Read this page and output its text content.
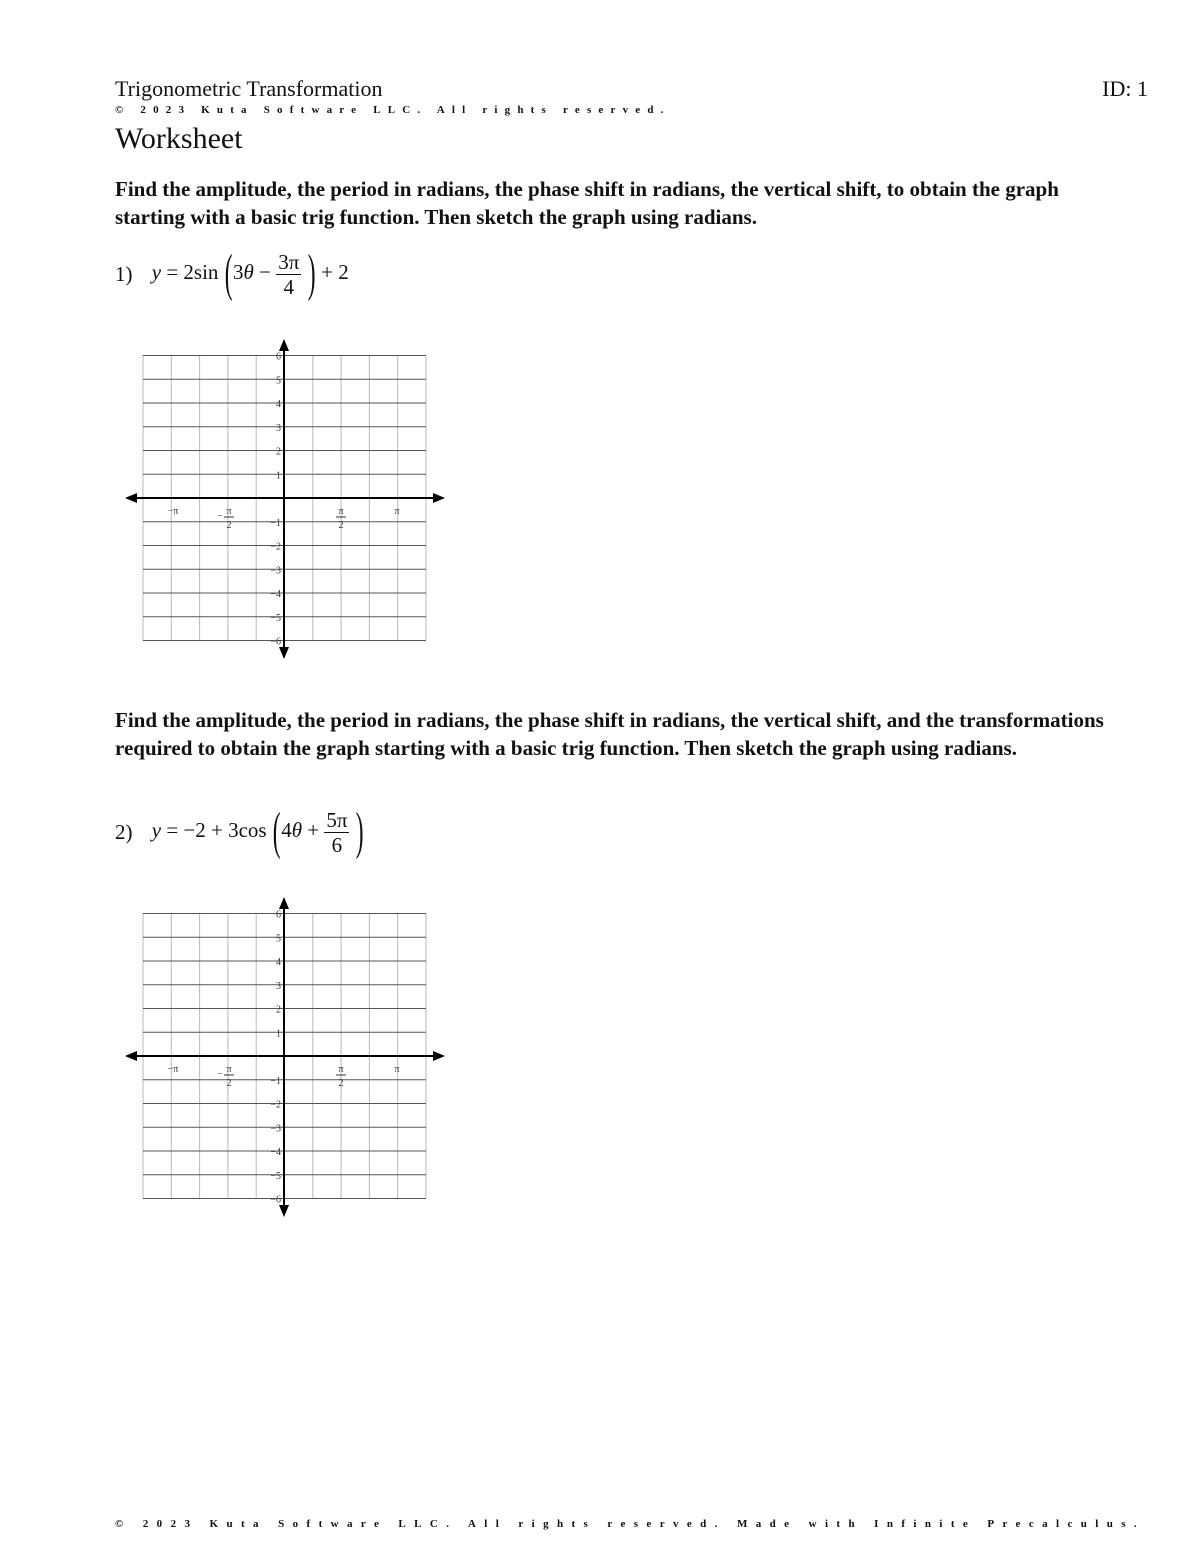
Trigonometric Transformation	ID: 1
© 2023 Kuta Software LLC. All rights reserved.
Worksheet
Find the amplitude, the period in radians, the phase shift in radians, the vertical shift, to obtain the graph starting with a basic trig function. Then sketch the graph using radians.
1) y = 2sin ($3\theta - \frac{3\pi}{4}$ ) + 2
6
5
4
3
2
1
−1
−2
−3
−4
−5
−6
−π	π
−
2
π
2
π
Find the amplitude, the period in radians, the phase shift in radians, the vertical shift, and the transformations required to obtain the graph starting with a basic trig function. Then sketch the graph using radians.
2) y = −2 + 3cos ($4\theta + \frac{5\pi}{6}$ )
6
5
4
3
2
1
−1
−2
−3
−4
−5
−6
−π	π
−
2
π
2
π
© 2023 Kuta Software LLC. All rights reserved. Made with Infinite Precalculus.
